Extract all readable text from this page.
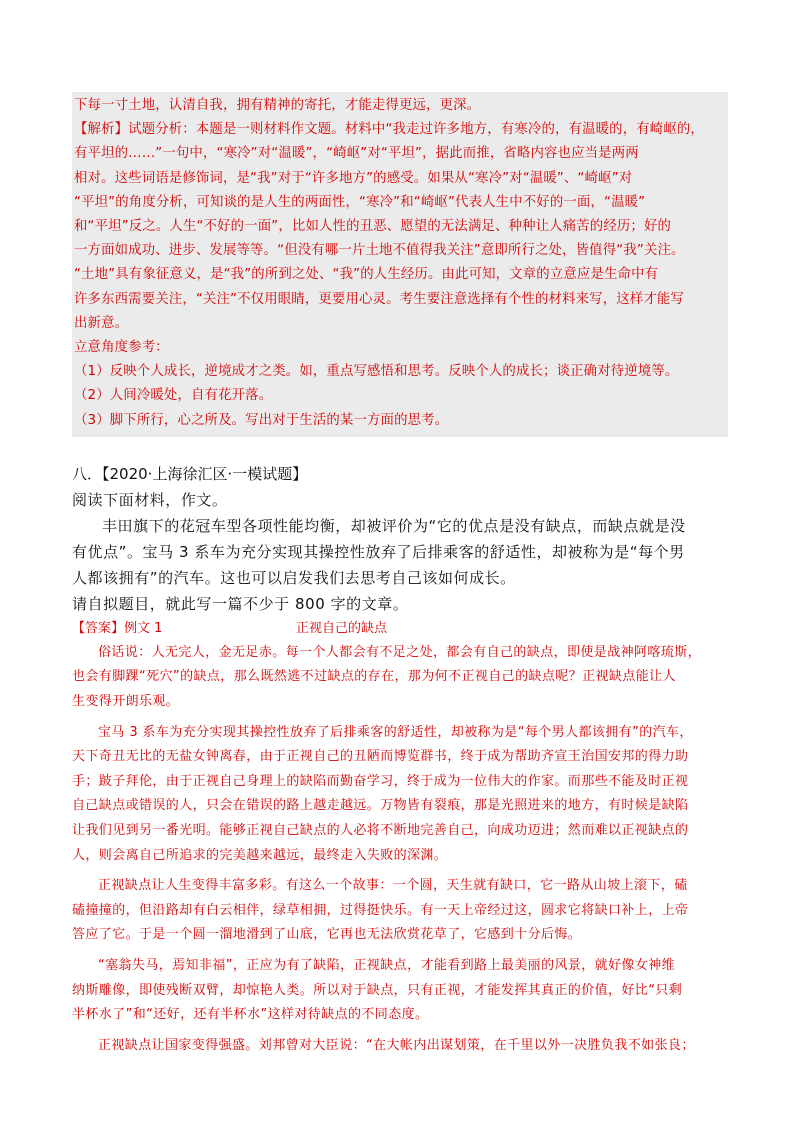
下每一寸土地，认清自我，拥有精神的寄托，才能走得更远，更深。
【解析】试题分析：本题是一则材料作文题。材料中“我走过许多地方，有寒冷的，有温暖的，有崎岖的，
有平坦的……”一句中，“寒冷”对“温暖”，“崎岖”对“平坦”，据此而推，省略内容也应当是两两
相对。这些词语是修饰词，是“我”对于“许多地方”的感受。如果从“寒冷”对“温暖”、“崎岖”对
“平坦”的角度分析，可知谈的是人生的两面性，“寒冷”和“崎岖”代表人生中不好的一面，“温暖”
和“平坦”反之。人生“不好的一面”，比如人性的丑恶、愿望的无法满足、种种让人痛苦的经历；好的
一方面如成功、进步、发展等等。“但没有哪一片土地不值得我关注”意即所行之处，皆值得“我”关注。
“土地”具有象征意义，是“我”的所到之处、“我”的人生经历。由此可知，文章的立意应是生命中有
许多东西需要关注，“关注”不仅用眼睛，更要用心灵。考生要注意选择有个性的材料来写，这样才能写
出新意。
立意角度参考：
（1）反映个人成长，逆境成才之类。如，重点写感悟和思考。反映个人的成长；谈正确对待逆境等。
（2）人间冷暖处，自有花开落。
（3）脚下所行，心之所及。写出对于生活的某一方面的思考。
八．【2020·上海徐汇区·一模试题】
阅读下面材料，作文。
丰田旗下的花冠车型各项性能均衡，却被评价为“它的优点是没有缺点，而缺点就是没
有优点”。宝马 3 系车为充分实现其操控性放弃了后排乘客的舒适性，却被称为是“每个男
人都该拥有”的汽车。这也可以启发我们去思考自己该如何成长。
请自拟题目，就此写一篇不少于 800 字的文章。
【答案】例文 1	正视自己的缺点
俗话说：人无完人，金无足赤。每一个人都会有不足之处，都会有自己的缺点，即使是战神阿喀琉斯，
也会有脚踝“死穴”的缺点，那么既然逃不过缺点的存在，那为何不正视自己的缺点呢？正视缺点能让人
生变得开朗乐观。
宝马 3 系车为充分实现其操控性放弃了后排乘客的舒适性，却被称为是“每个男人都该拥有”的汽车，
天下奇丑无比的无盐女钟离春，由于正视自己的丑陋而博览群书，终于成为帮助齐宣王治国安邦的得力助
手；跛子拜伦，由于正视自己身理上的缺陷而勤奋学习，终于成为一位伟大的作家。而那些不能及时正视
自己缺点或错误的人，只会在错误的路上越走越远。万物皆有裂痕，那是光照进来的地方，有时候是缺陷
让我们见到另一番光明。能够正视自己缺点的人必将不断地完善自己，向成功迈进；然而难以正视缺点的
人，则会离自己所追求的完美越来越远，最终走入失败的深渊。
正视缺点让人生变得丰富多彩。有这么一个故事：一个圆，天生就有缺口，它一路从山坡上滚下，磕
磕撞撞的，但沿路却有白云相伴，绿草相拥，过得挺快乐。有一天上帝经过这，圆求它将缺口补上，上帝
答应了它。于是一个圆一溜地滑到了山底，它再也无法欣赏花草了，它感到十分后悔。
“塞翁失马，焉知非福”，正应为有了缺陷，正视缺点，才能看到路上最美丽的风景，就好像女神维
纳斯雕像，即使残断双臂，却惊艳人类。所以对于缺点，只有正视，才能发挥其真正的价值，好比“只剩
半杯水了”和“还好，还有半杯水”这样对待缺点的不同态度。
正视缺点让国家变得强盛。刘邦曾对大臣说：“在大帐内出谋划策，在千里以外一决胜负我不如张良；
